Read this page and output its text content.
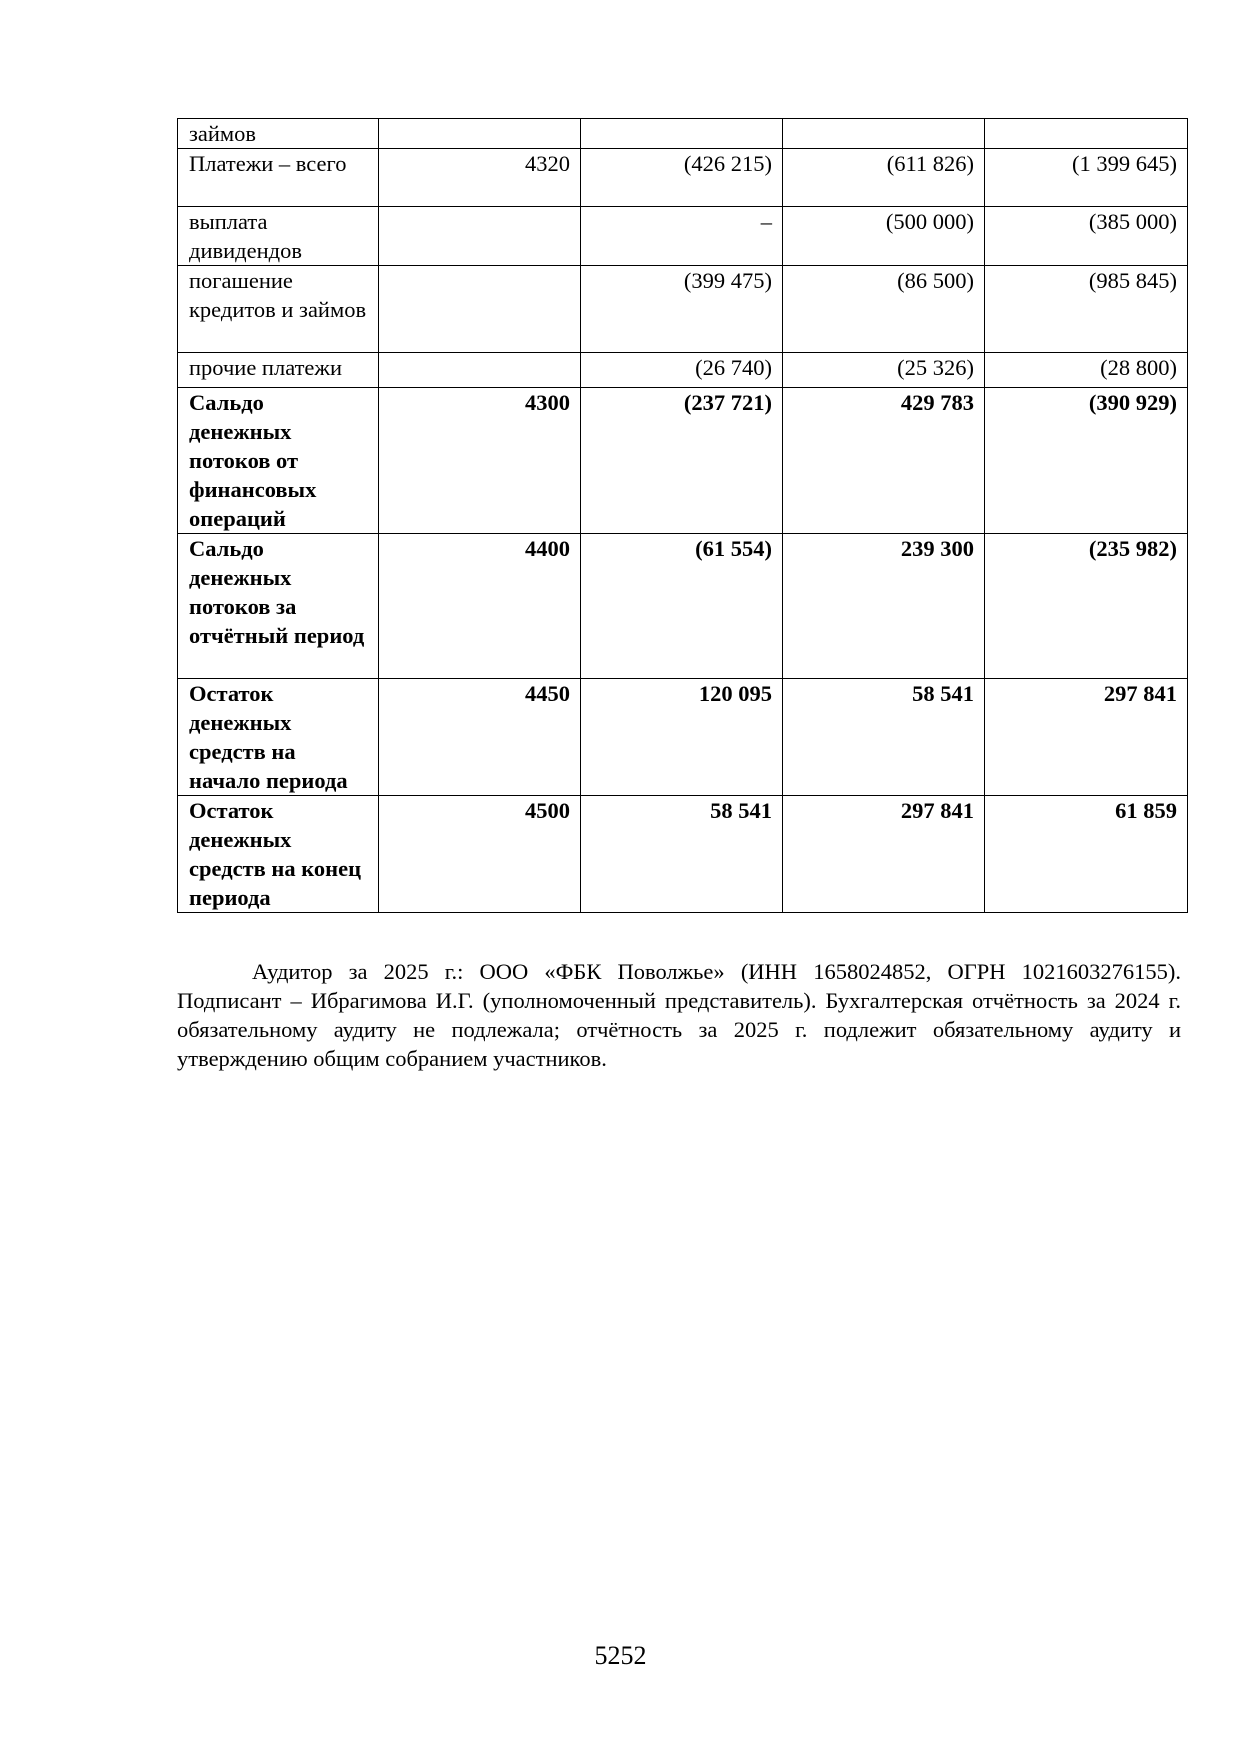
займов				
Платежи – всего	4320	(426 215)	(611 826)	(1 399 645)
выплата дивидендов		–	(500 000)	(385 000)
погашение кредитов и займов		(399 475)	(86 500)	(985 845)
прочие платежи		(26 740)	(25 326)	(28 800)
Сальдо денежных потоков от финансовых операций	4300	(237 721)	429 783	(390 929)
Сальдо денежных потоков за отчётный период	4400	(61 554)	239 300	(235 982)
Остаток денежных средств на начало периода	4450	120 095	58 541	297 841
Остаток денежных средств на конец периода	4500	58 541	297 841	61 859

Аудитор за 2025 г.: ООО «ФБК Поволжье» (ИНН 1658024852, ОГРН 1021603276155). Подписант – Ибрагимова И.Г. (уполномоченный представитель). Бухгалтерская отчётность за 2024 г. обязательному аудиту не подлежала; отчётность за 2025 г. подлежит обязательному аудиту и утверждению общим собранием участников.

5252
